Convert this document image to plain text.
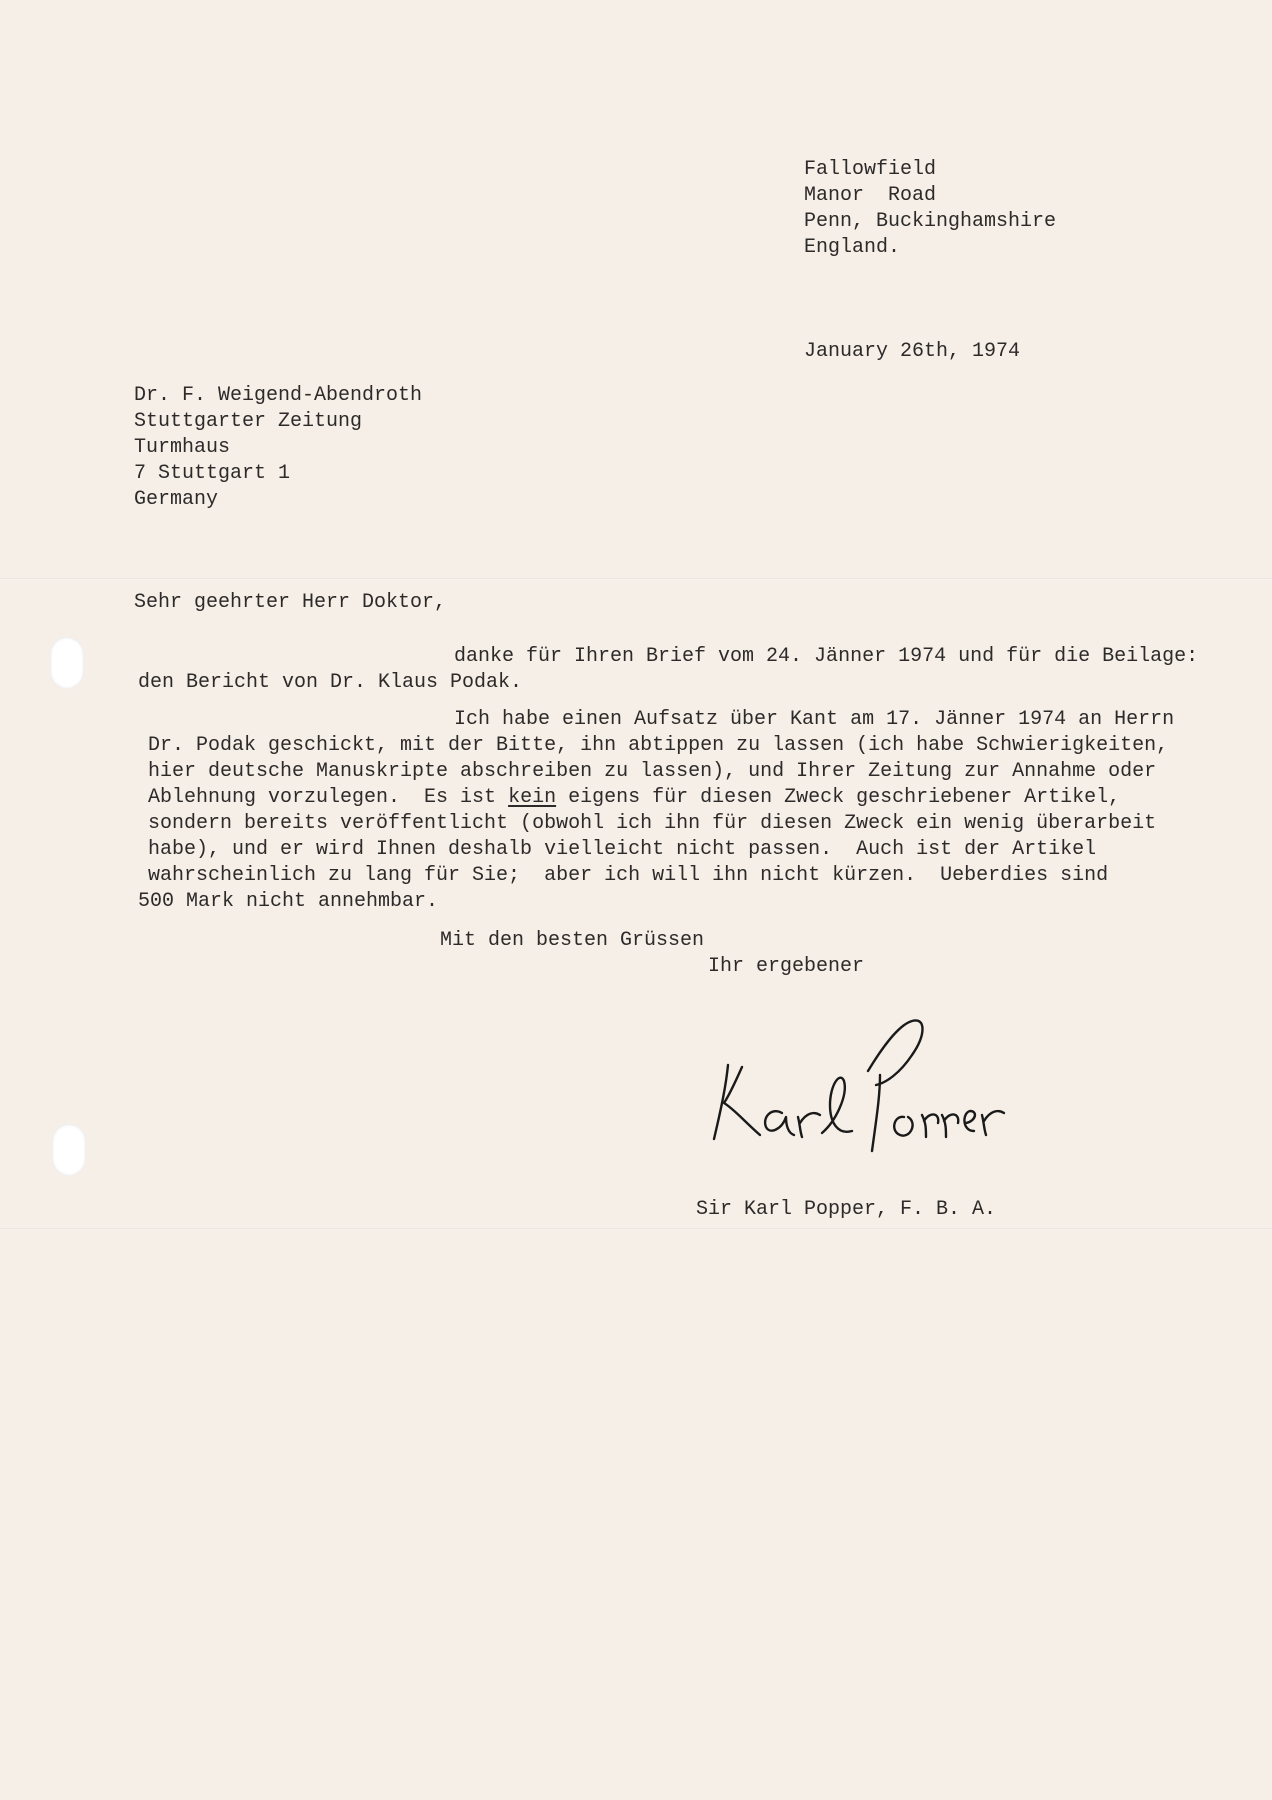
Fallowfield

Manor  Road

Penn, Buckinghamshire

England.

January 26th, 1974

Dr. F. Weigend-Abendroth

Stuttgarter Zeitung

Turmhaus

7 Stuttgart 1

Germany

Sehr geehrter Herr Doktor,

danke für Ihren Brief vom 24. Jänner 1974 und für die Beilage:

den Bericht von Dr. Klaus Podak.

Ich habe einen Aufsatz über Kant am 17. Jänner 1974 an Herrn

Dr. Podak geschickt, mit der Bitte, ihn abtippen zu lassen (ich habe Schwierigkeiten,

hier deutsche Manuskripte abschreiben zu lassen), und Ihrer Zeitung zur Annahme oder

Ablehnung vorzulegen.  Es ist kein eigens für diesen Zweck geschriebener Artikel,

sondern bereits veröffentlicht (obwohl ich ihn für diesen Zweck ein wenig überarbeit

habe), und er wird Ihnen deshalb vielleicht nicht passen.  Auch ist der Artikel

wahrscheinlich zu lang für Sie;  aber ich will ihn nicht kürzen.  Ueberdies sind

500 Mark nicht annehmbar.

Mit den besten Grüssen

Ihr ergebener

Sir Karl Popper, F. B. A.
